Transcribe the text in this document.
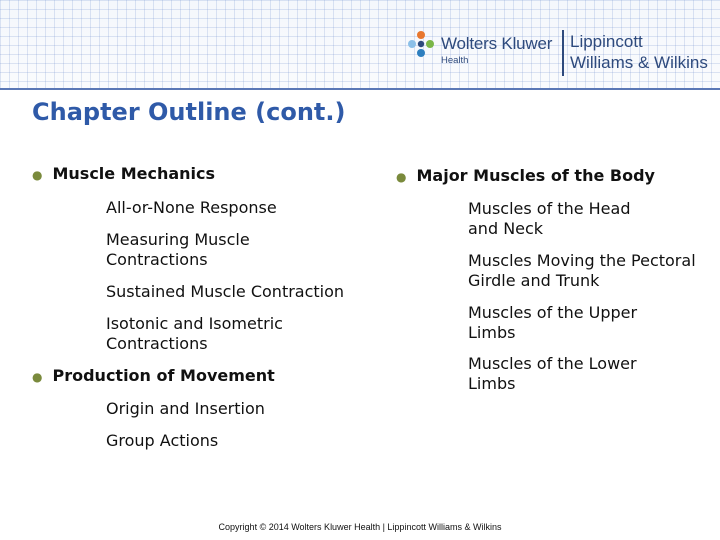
Wolters Kluwer
Health
Lippincott
Williams & Wilkins
Chapter Outline (cont.)
● Muscle Mechanics
All-or-None Response
Measuring Muscle Contractions
Sustained Muscle Contraction
Isotonic and Isometric Contractions
● Production of Movement
Origin and Insertion
Group Actions
● Major Muscles of the Body
Muscles of the Head and Neck
Muscles Moving the Pectoral Girdle and Trunk
Muscles of the Upper Limbs
Muscles of the Lower Limbs
Copyright © 2014 Wolters Kluwer Health | Lippincott Williams & Wilkins
